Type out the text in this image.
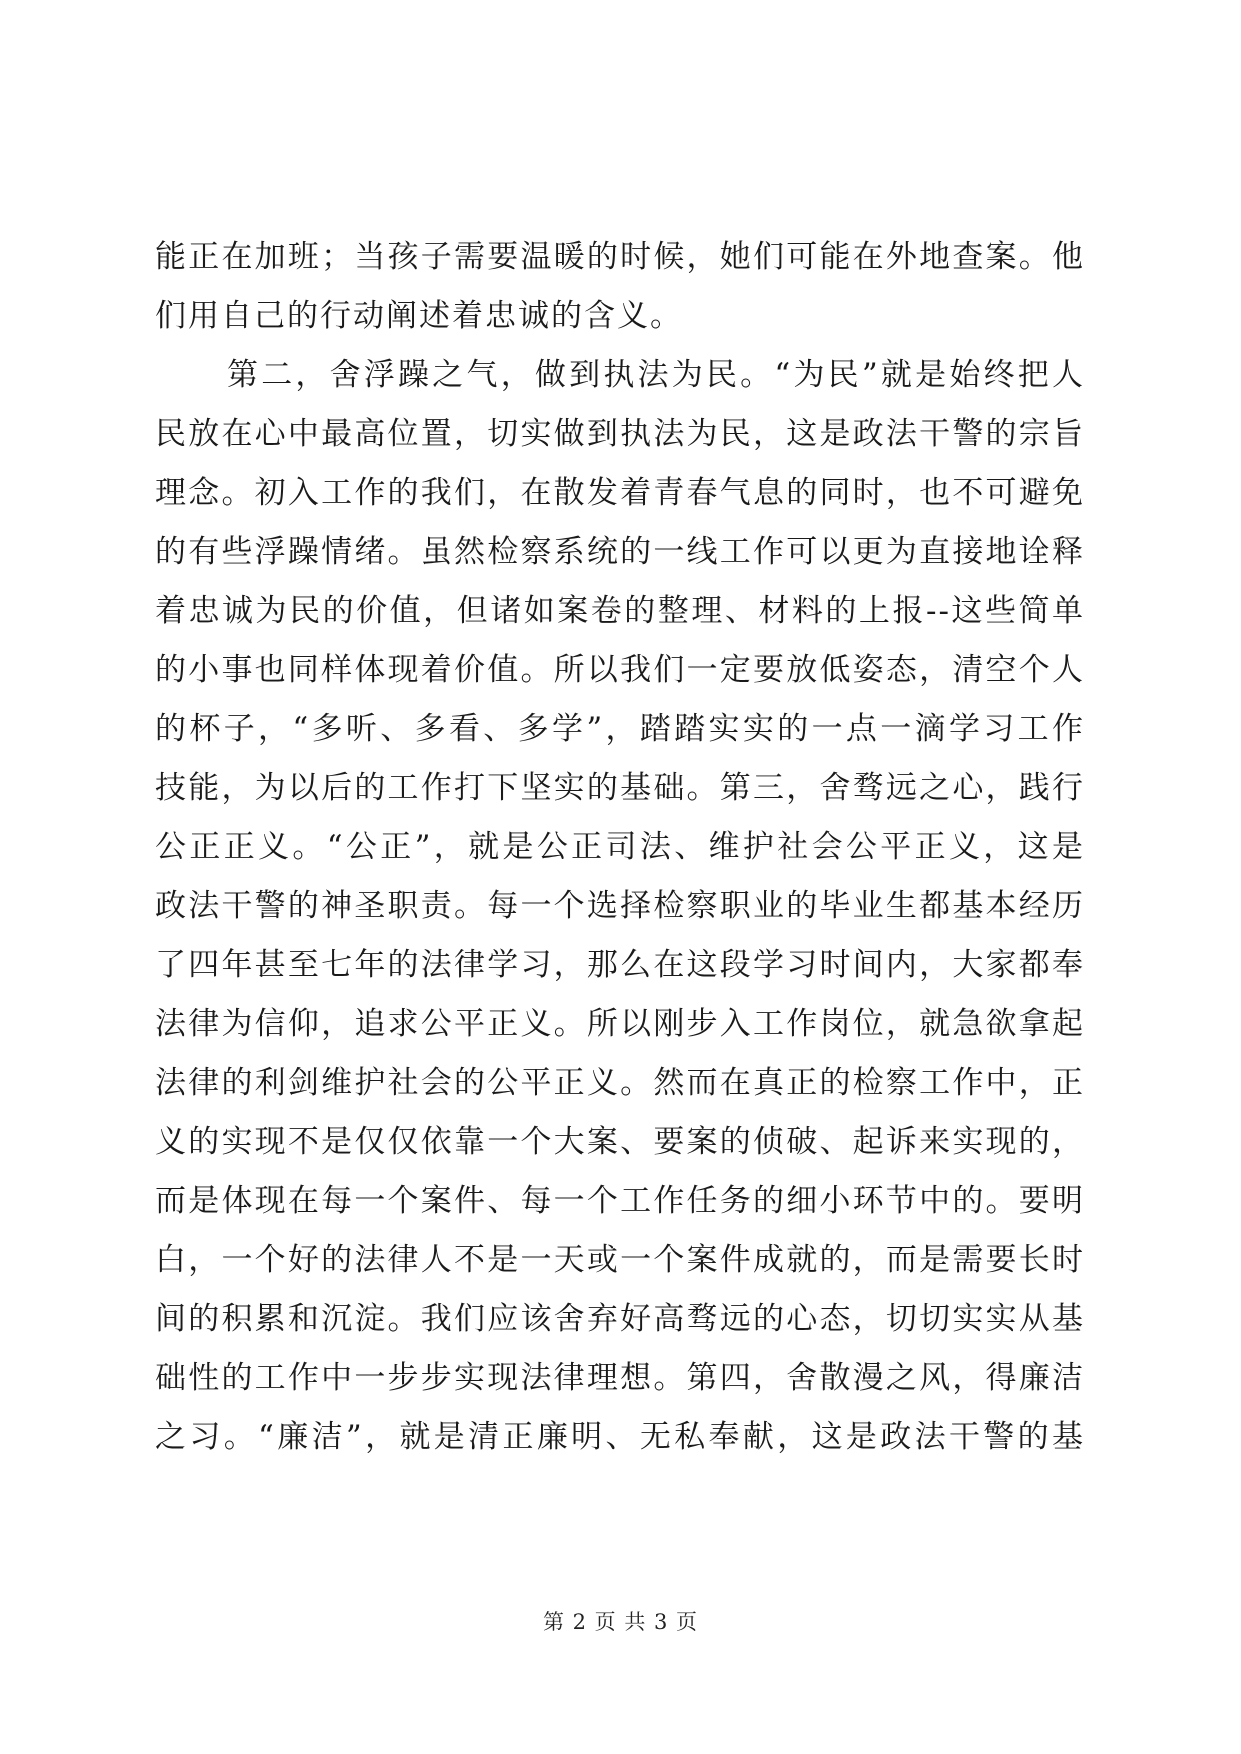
能正在加班；当孩子需要温暖的时候，她们可能在外地查案。他
们用自己的行动阐述着忠诚的含义。
第二，舍浮躁之气，做到执法为民。“为民”就是始终把人
民放在心中最高位置，切实做到执法为民，这是政法干警的宗旨
理念。初入工作的我们，在散发着青春气息的同时，也不可避免
的有些浮躁情绪。虽然检察系统的一线工作可以更为直接地诠释
着忠诚为民的价值，但诸如案卷的整理、材料的上报--这些简单
的小事也同样体现着价值。所以我们一定要放低姿态，清空个人
的杯子，“多听、多看、多学”，踏踏实实的一点一滴学习工作
技能，为以后的工作打下坚实的基础。第三，舍骛远之心，践行
公正正义。“公正”，就是公正司法、维护社会公平正义，这是
政法干警的神圣职责。每一个选择检察职业的毕业生都基本经历
了四年甚至七年的法律学习，那么在这段学习时间内，大家都奉
法律为信仰，追求公平正义。所以刚步入工作岗位，就急欲拿起
法律的利剑维护社会的公平正义。然而在真正的检察工作中，正
义的实现不是仅仅依靠一个大案、要案的侦破、起诉来实现的，
而是体现在每一个案件、每一个工作任务的细小环节中的。要明
白，一个好的法律人不是一天或一个案件成就的，而是需要长时
间的积累和沉淀。我们应该舍弃好高骛远的心态，切切实实从基
础性的工作中一步步实现法律理想。第四，舍散漫之风，得廉洁
之习。“廉洁”，就是清正廉明、无私奉献，这是政法干警的基
第 2 页 共 3 页
